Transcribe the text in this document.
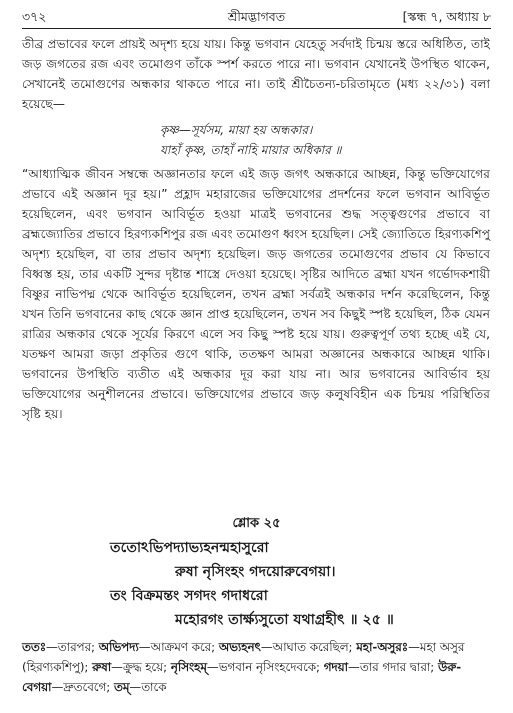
৩৭২	শ্রীমদ্ভাগবত	[স্কন্ধ ৭, অধ্যায় ৮
তীব্র প্রভাবের ফলে প্রায়ই অদৃশ্য হয়ে যায়। কিন্তু ভগবান যেহেতু সর্বদাই চিন্ময় স্তরে অধিষ্ঠিত, তাই জড় জগতের রজ এবং তমোগুণ তাঁকে স্পর্শ করতে পারে না। ভগবান যেখানেই উপস্থিত থাকেন, সেখানেই তমোগুণের অন্ধকার থাকতে পারে না। তাই শ্রীচৈতন্য-চরিতামৃতে (মধ্য ২২/৩১) বলা হয়েছে—
কৃষ্ণ—সূর্যসম, মায়া হয় অন্ধকার।
যাহাঁ কৃষ্ণ, তাহাঁ নাহি মায়ার অধিকার ॥
“আধ্যাত্মিক জীবন সম্বন্ধে অজ্ঞানতার ফলে এই জড় জগৎ অন্ধকারে আচ্ছন্ন, কিন্তু ভক্তিযোগের প্রভাবে এই অজ্ঞান দূর হয়।” প্রহ্লাদ মহারাজের ভক্তিযোগের প্রদর্শনের ফলে ভগবান আবির্ভূত হয়েছিলেন, এবং ভগবান আবির্ভূত হওয়া মাত্রই ভগবানের শুদ্ধ সত্ত্বগুণের প্রভাবে বা ব্রহ্মজ্যোতির প্রভাবে হিরণ্যকশিপুর রজ এবং তমোগুণ ধ্বংস হয়েছিল। সেই জ্যোতিতে হিরণ্যকশিপু অদৃশ্য হয়েছিল, বা তার প্রভাব অদৃশ্য হয়েছিল। জড় জগতের তমোগুণের প্রভাব যে কিভাবে বিধ্বস্ত হয়, তার একটি সুন্দর দৃষ্টান্ত শাস্ত্রে দেওয়া হয়েছে। সৃষ্টির আদিতে ব্রহ্মা যখন গর্ভোদকশায়ী বিষ্ণুর নাভিপদ্ম থেকে আবির্ভূত হয়েছিলেন, তখন ব্রহ্মা সর্বত্রই অন্ধকার দর্শন করেছিলেন, কিন্তু যখন তিনি ভগবানের কাছ থেকে জ্ঞান প্রাপ্ত হয়েছিলেন, তখন সব কিছুই স্পষ্ট হয়েছিল, ঠিক যেমন রাত্রির অন্ধকার থেকে সূর্যের কিরণে এলে সব কিছু স্পষ্ট হয়ে যায়। গুরুত্বপূর্ণ তথ্য হচ্ছে এই যে, যতক্ষণ আমরা জড়া প্রকৃতির গুণে থাকি, ততক্ষণ আমরা অজ্ঞানের অন্ধকারে আচ্ছন্ন থাকি। ভগবানের উপস্থিতি ব্যতীত এই অন্ধকার দূর করা যায় না। আর ভগবানের আবির্ভাব হয় ভক্তিযোগের অনুশীলনের প্রভাবে। ভক্তিযোগের প্রভাবে জড় কলুষবিহীন এক চিন্ময় পরিস্থিতির সৃষ্টি হয়।
শ্লোক ২৫
ততোঽভিপদ্যাভ্যহনন্মহাসুরো
রুষা নৃসিংহং গদয়োরুবেগয়া।
তং বিক্রমন্তং সগদং গদাধরো
মহোরগং তার্ক্ষ্যসুতো যথাগ্রহীৎ ॥ ২৫ ॥
ততঃ—তারপর; অভিপদ্য—আক্রমণ করে; অভ্যহনৎ—আঘাত করেছিল; মহা-অসুরঃ—মহা অসুর (হিরণ্যকশিপু); রুষা—ক্রুদ্ধ হয়ে; নৃসিংহম্—ভগবান নৃসিংহদেবকে; গদয়া—তার গদার দ্বারা; উরু-বেগয়া—দ্রুতবেগে; তম্—তাকে
